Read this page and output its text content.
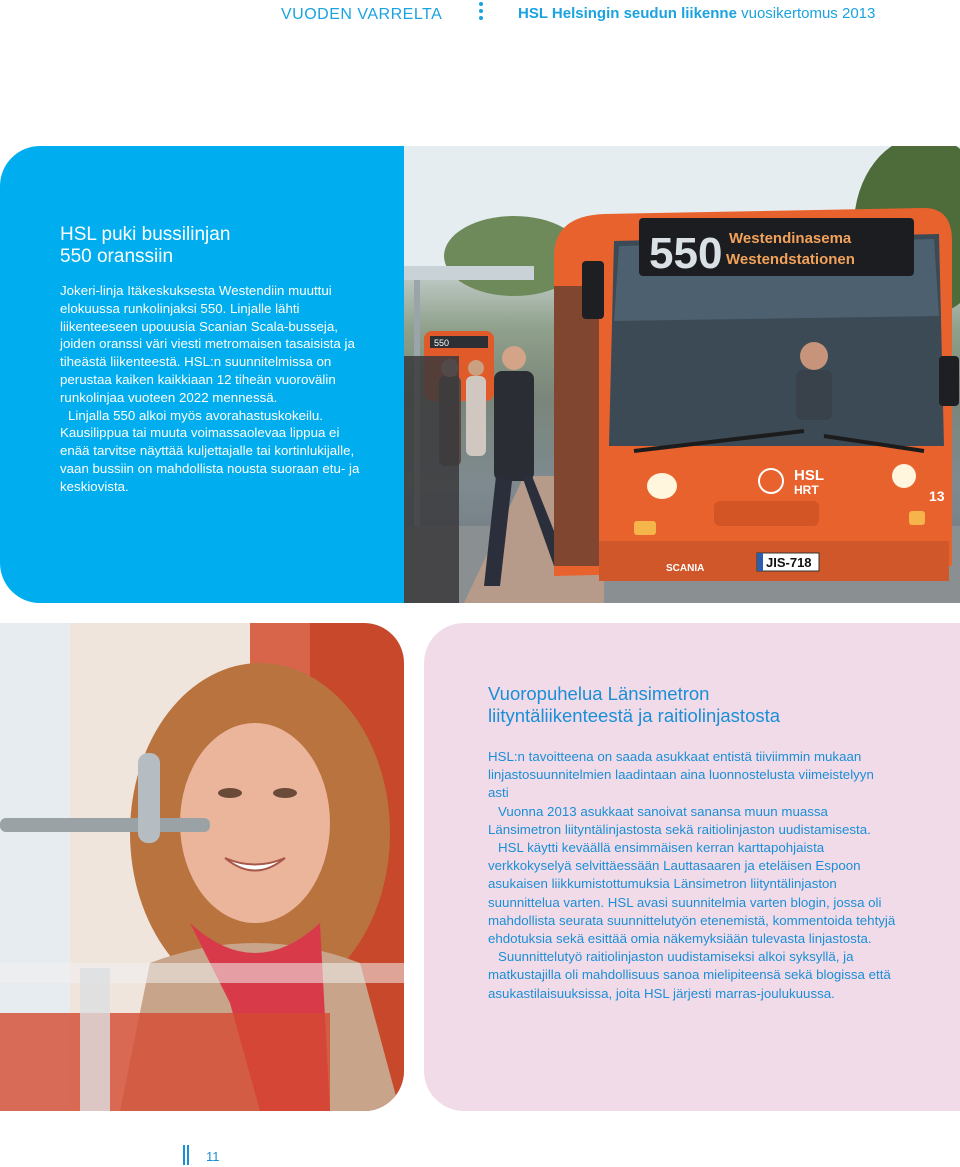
VUODEN VARRELTA	HSL Helsingin seudun liikenne vuosikertomus 2013
HSL puki bussilinjan
550 oranssiin

Jokeri-linja Itäkeskuksesta Westendiin muuttui elokuussa runkolinjaksi 550. Linjalle lähti liikenteeseen upouusia Scanian Scala-busseja, joiden oranssi väri viesti metromaisen tasaisista ja tiheästä liikenteestä. HSL:n suunnitelmissa on perustaa kaiken kaikkiaan 12 tiheän vuorovälin runkolinjaa vuoteen 2022 mennessä.

Linjalla 550 alkoi myös avorahastuskokeilu. Kausilippua tai muuta voimassaolevaa lippua ei enää tarvitse näyttää kuljettajalle tai kortinlukijalle, vaan bussiin on mahdollista nousta suoraan etu- ja keskiovista.

550
550 Westendinasema
Westendstationen
HSL
HRT	13
JIS-718
SCANIA
Vuoropuhelua Länsimetron
liityntäliikenteestä ja raitiolinjastosta

HSL:n tavoitteena on saada asukkaat entistä tiiviimmin mukaan linjastosuunnitelmien laadintaan aina luonnostelusta viimeistelyyn asti

Vuonna 2013 asukkaat sanoivat sanansa muun muassa Länsimetron liityntälinjastosta sekä raitiolinjaston uudistamisesta.

HSL käytti keväällä ensimmäisen kerran karttapohjaista verkkokyselyä selvittäessään Lauttasaaren ja eteläisen Espoon asukaisen liikkumistottumuksia Länsimetron liityntälinjaston suunnittelua varten. HSL avasi suunnitelmia varten blogin, jossa oli mahdollista seurata suunnittelutyön etenemistä, kommentoida tehtyjä ehdotuksia sekä esittää omia näkemyksiään tulevasta linjastosta.

Suunnittelutyö raitiolinjaston uudistamiseksi alkoi syksyllä, ja matkustajilla oli mahdollisuus sanoa mielipiteensä sekä blogissa että asukastilaisuuksissa, joita HSL järjesti marras-joulukuussa.

11
